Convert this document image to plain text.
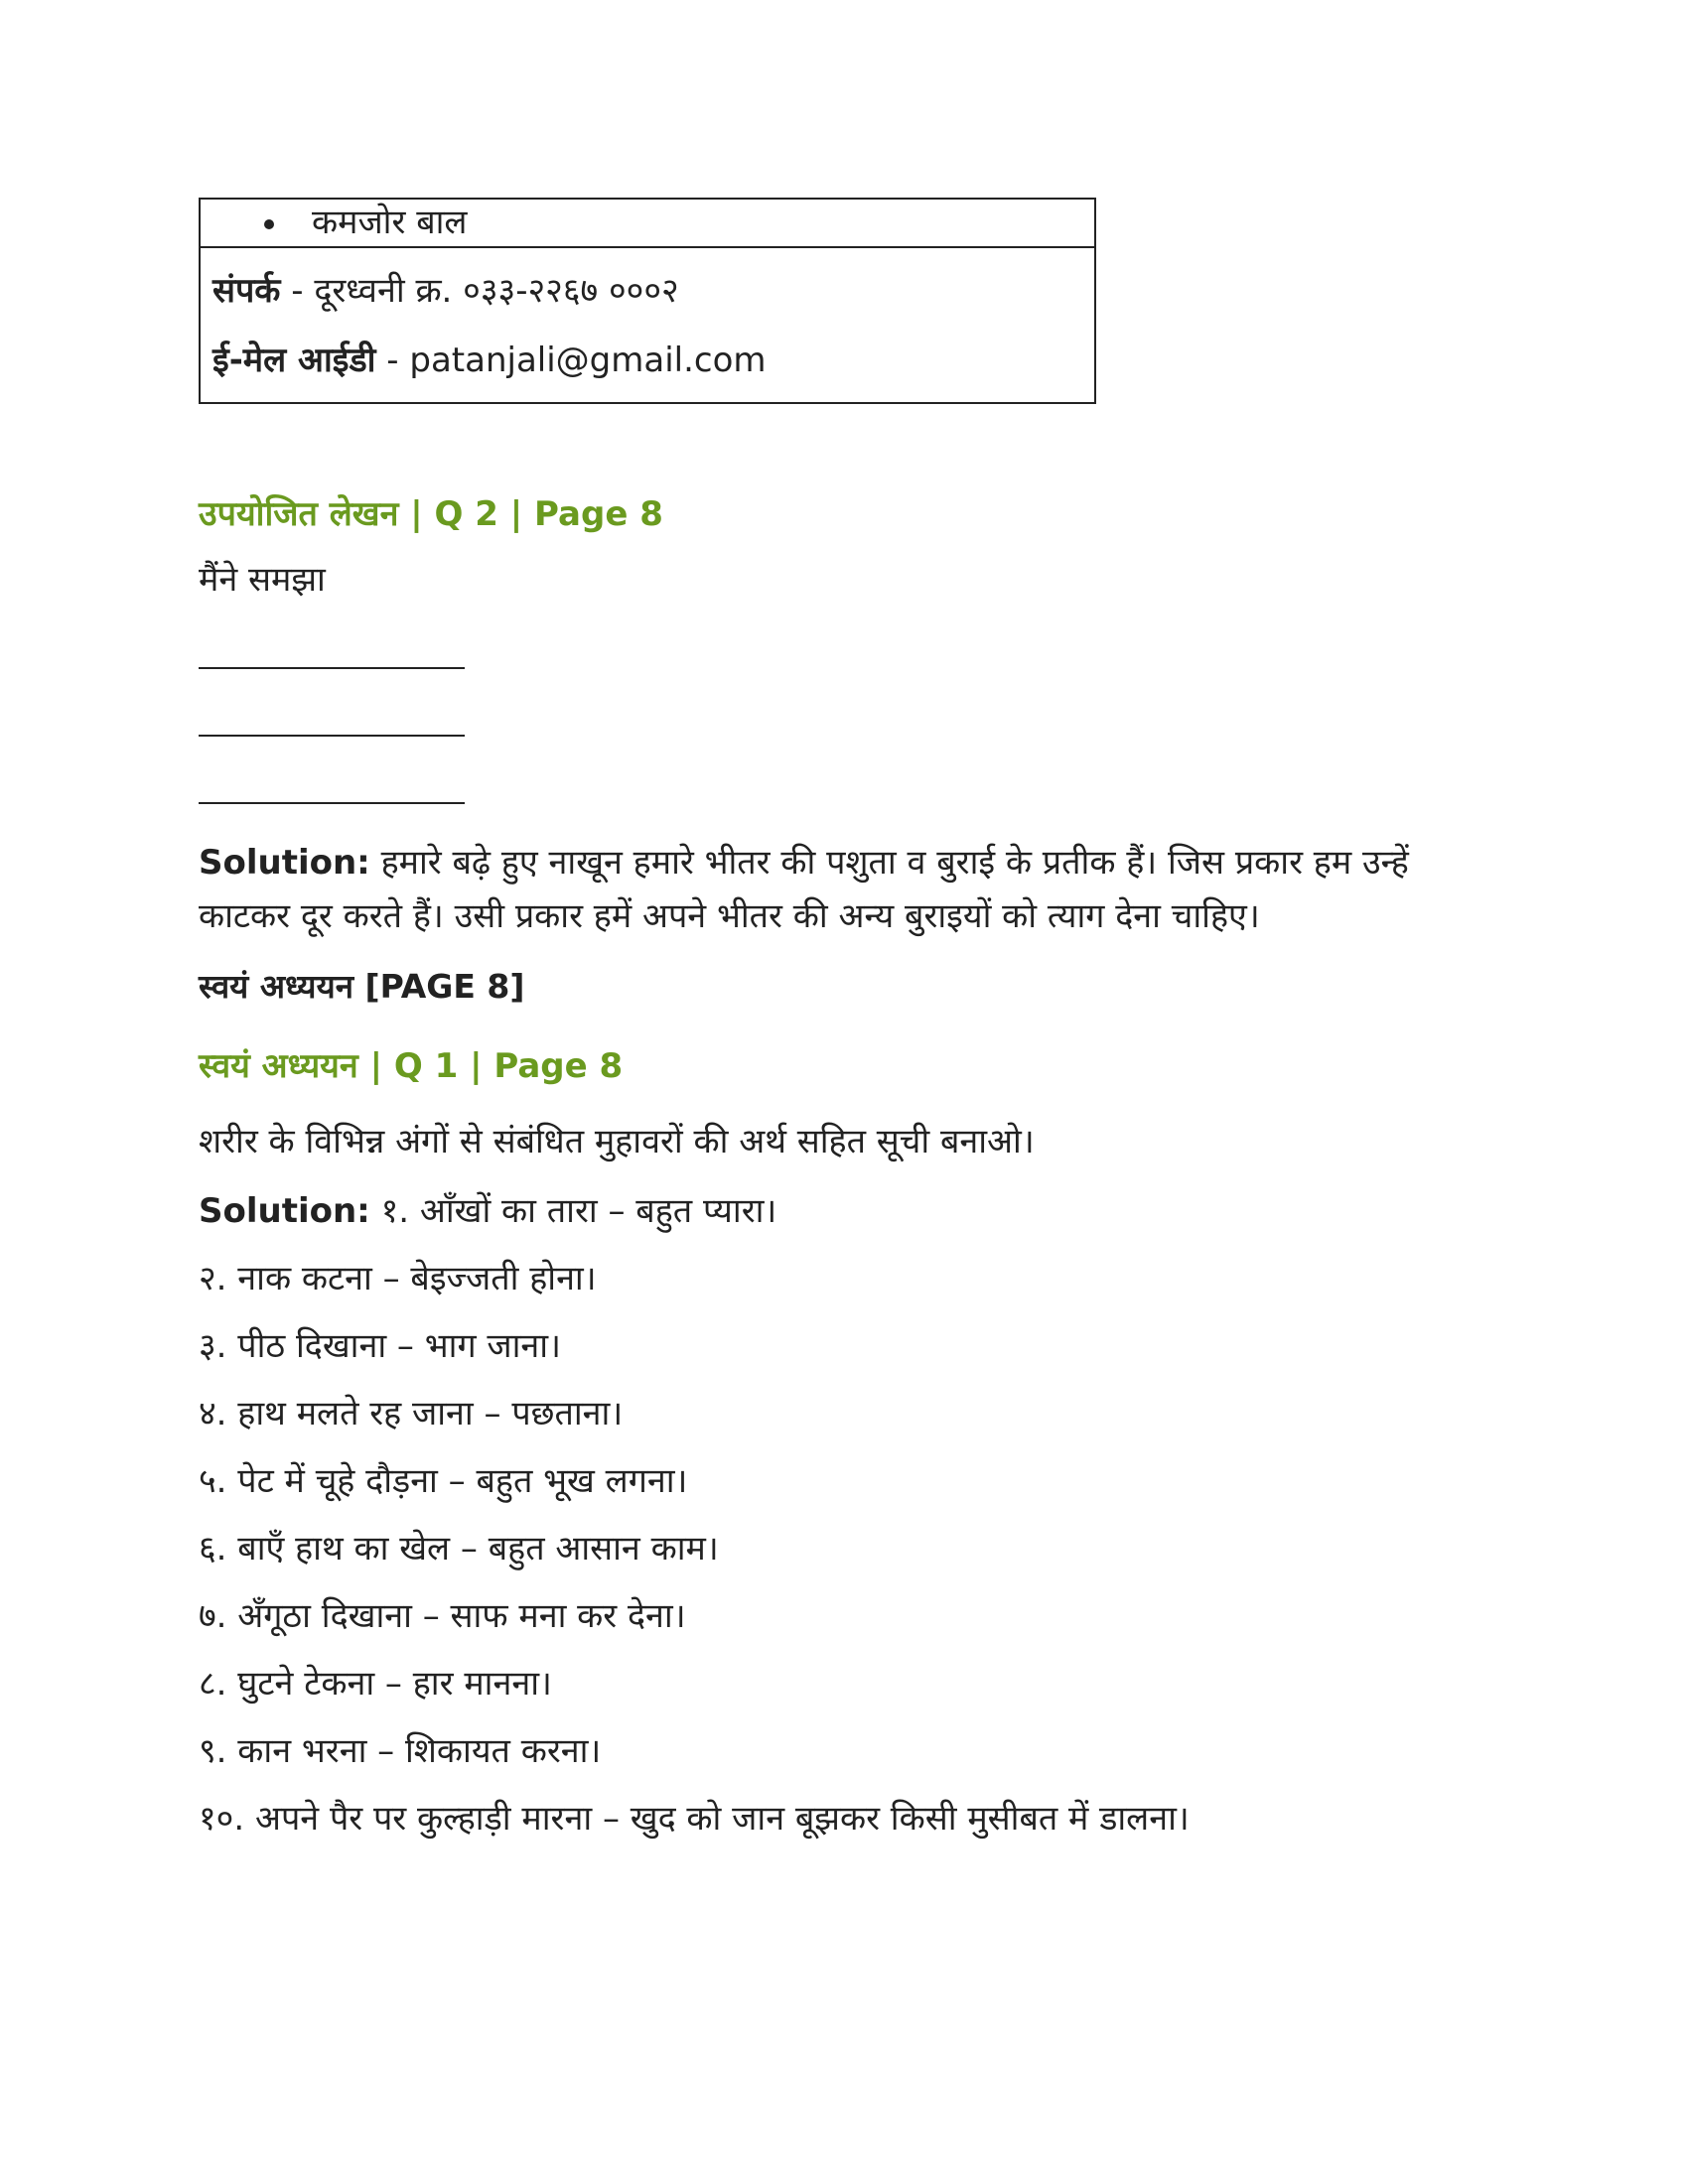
कमजोर बाल
संपर्क - दूरध्वनी क्र. ०३३-२२६७ ०००२
ई-मेल आईडी - patanjali@gmail.com
उपयोजित लेखन | Q 2 | Page 8
मैंने समझा
Solution: हमारे बढ़े हुए नाखून हमारे भीतर की पशुता व बुराई के प्रतीक हैं। जिस प्रकार हम उन्हें काटकर दूर करते हैं। उसी प्रकार हमें अपने भीतर की अन्य बुराइयों को त्याग देना चाहिए।
स्वयं अध्ययन [PAGE 8]
स्वयं अध्ययन | Q 1 | Page 8
शरीर के विभिन्न अंगों से संबंधित मुहावरों की अर्थ सहित सूची बनाओ।
Solution: १. आँखों का तारा – बहुत प्यारा।
२. नाक कटना – बेइज्जती होना।
३. पीठ दिखाना – भाग जाना।
४. हाथ मलते रह जाना – पछताना।
५. पेट में चूहे दौड़ना – बहुत भूख लगना।
६. बाएँ हाथ का खेल – बहुत आसान काम।
७. अँगूठा दिखाना – साफ मना कर देना।
८. घुटने टेकना – हार मानना।
९. कान भरना – शिकायत करना।
१०. अपने पैर पर कुल्हाड़ी मारना – खुद को जान बूझकर किसी मुसीबत में डालना।
